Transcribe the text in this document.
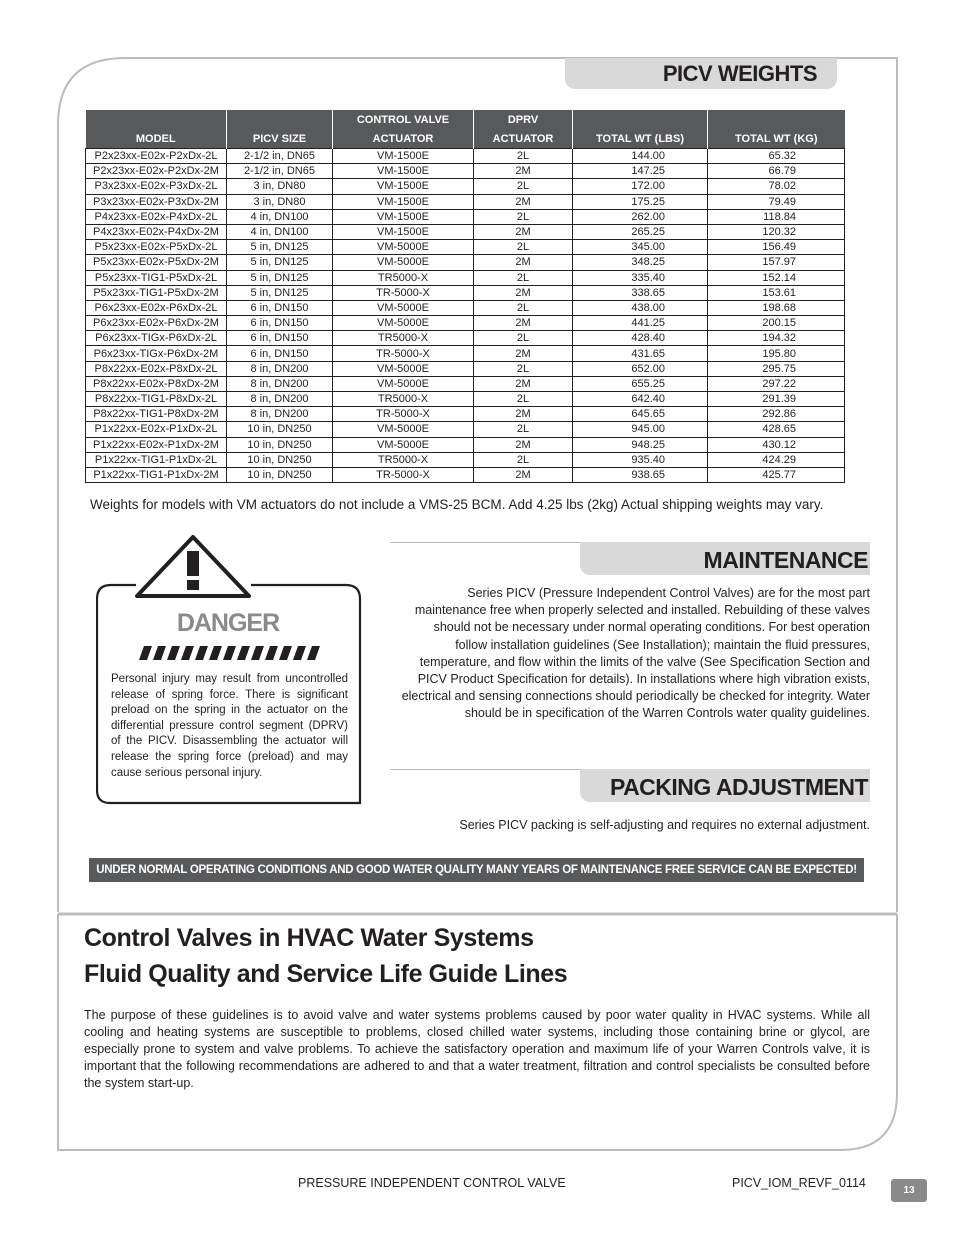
PICV WEIGHTS
		CONTROL VALVE	DPRV		
MODEL	PICV SIZE	ACTUATOR	ACTUATOR	TOTAL WT (LBS)	TOTAL WT (KG)
P2x23xx-E02x-P2xDx-2L	2-1/2 in, DN65	VM-1500E	2L	144.00	65.32
P2x23xx-E02x-P2xDx-2M	2-1/2 in, DN65	VM-1500E	2M	147.25	66.79
P3x23xx-E02x-P3xDx-2L	3 in, DN80	VM-1500E	2L	172.00	78.02
P3x23xx-E02x-P3xDx-2M	3 in, DN80	VM-1500E	2M	175.25	79.49
P4x23xx-E02x-P4xDx-2L	4 in, DN100	VM-1500E	2L	262.00	118.84
P4x23xx-E02x-P4xDx-2M	4 in, DN100	VM-1500E	2M	265.25	120.32
P5x23xx-E02x-P5xDx-2L	5 in, DN125	VM-5000E	2L	345.00	156.49
P5x23xx-E02x-P5xDx-2M	5 in, DN125	VM-5000E	2M	348.25	157.97
P5x23xx-TIG1-P5xDx-2L	5 in, DN125	TR5000-X	2L	335.40	152.14
P5x23xx-TIG1-P5xDx-2M	5 in, DN125	TR-5000-X	2M	338.65	153.61
P6x23xx-E02x-P6xDx-2L	6 in, DN150	VM-5000E	2L	438.00	198.68
P6x23xx-E02x-P6xDx-2M	6 in, DN150	VM-5000E	2M	441.25	200.15
P6x23xx-TIGx-P6xDx-2L	6 in, DN150	TR5000-X	2L	428.40	194.32
P6x23xx-TIGx-P6xDx-2M	6 in, DN150	TR-5000-X	2M	431.65	195.80
P8x22xx-E02x-P8xDx-2L	8 in, DN200	VM-5000E	2L	652.00	295.75
P8x22xx-E02x-P8xDx-2M	8 in, DN200	VM-5000E	2M	655.25	297.22
P8x22xx-TIG1-P8xDx-2L	8 in, DN200	TR5000-X	2L	642.40	291.39
P8x22xx-TIG1-P8xDx-2M	8 in, DN200	TR-5000-X	2M	645.65	292.86
P1x22xx-E02x-P1xDx-2L	10 in, DN250	VM-5000E	2L	945.00	428.65
P1x22xx-E02x-P1xDx-2M	10 in, DN250	VM-5000E	2M	948.25	430.12
P1x22xx-TIG1-P1xDx-2L	10 in, DN250	TR5000-X	2L	935.40	424.29
P1x22xx-TIG1-P1xDx-2M	10 in, DN250	TR-5000-X	2M	938.65	425.77
Weights for models with VM actuators do not include a VMS-25 BCM. Add 4.25 lbs (2kg) Actual shipping weights may vary.
DANGER
Personal injury may result from uncontrolled release of spring force. There is significant preload on the spring in the actuator on the differential pressure control segment (DPRV) of the PICV. Disassembling the actuator will release the spring force (preload) and may cause serious personal injury.
MAINTENANCE
Series PICV (Pressure Independent Control Valves) are for the most part maintenance free when properly selected and installed. Rebuilding of these valves should not be necessary under normal operating conditions. For best operation follow installation guidelines (See Installation); maintain the fluid pressures, temperature, and flow within the limits of the valve (See Specification Section and PICV Product Specification for details). In installations where high vibration exists, electrical and sensing connections should periodically be checked for integrity. Water should be in specification of the Warren Controls water quality guidelines.
PACKING ADJUSTMENT
Series PICV packing is self-adjusting and requires no external adjustment.
UNDER NORMAL OPERATING CONDITIONS AND GOOD WATER QUALITY MANY YEARS OF MAINTENANCE FREE SERVICE CAN BE EXPECTED!
Control Valves in HVAC Water Systems
Fluid Quality and Service Life Guide Lines
The purpose of these guidelines is to avoid valve and water systems problems caused by poor water quality in HVAC systems. While all cooling and heating systems are susceptible to problems, closed chilled water systems, including those containing brine or glycol, are especially prone to system and valve problems. To achieve the satisfactory operation and maximum life of your Warren Controls valve, it is important that the following recommendations are adhered to and that a water treatment, filtration and control specialists be consulted before the system start-up.
PRESSURE INDEPENDENT CONTROL VALVE	PICV_IOM_REVF_0114
13
